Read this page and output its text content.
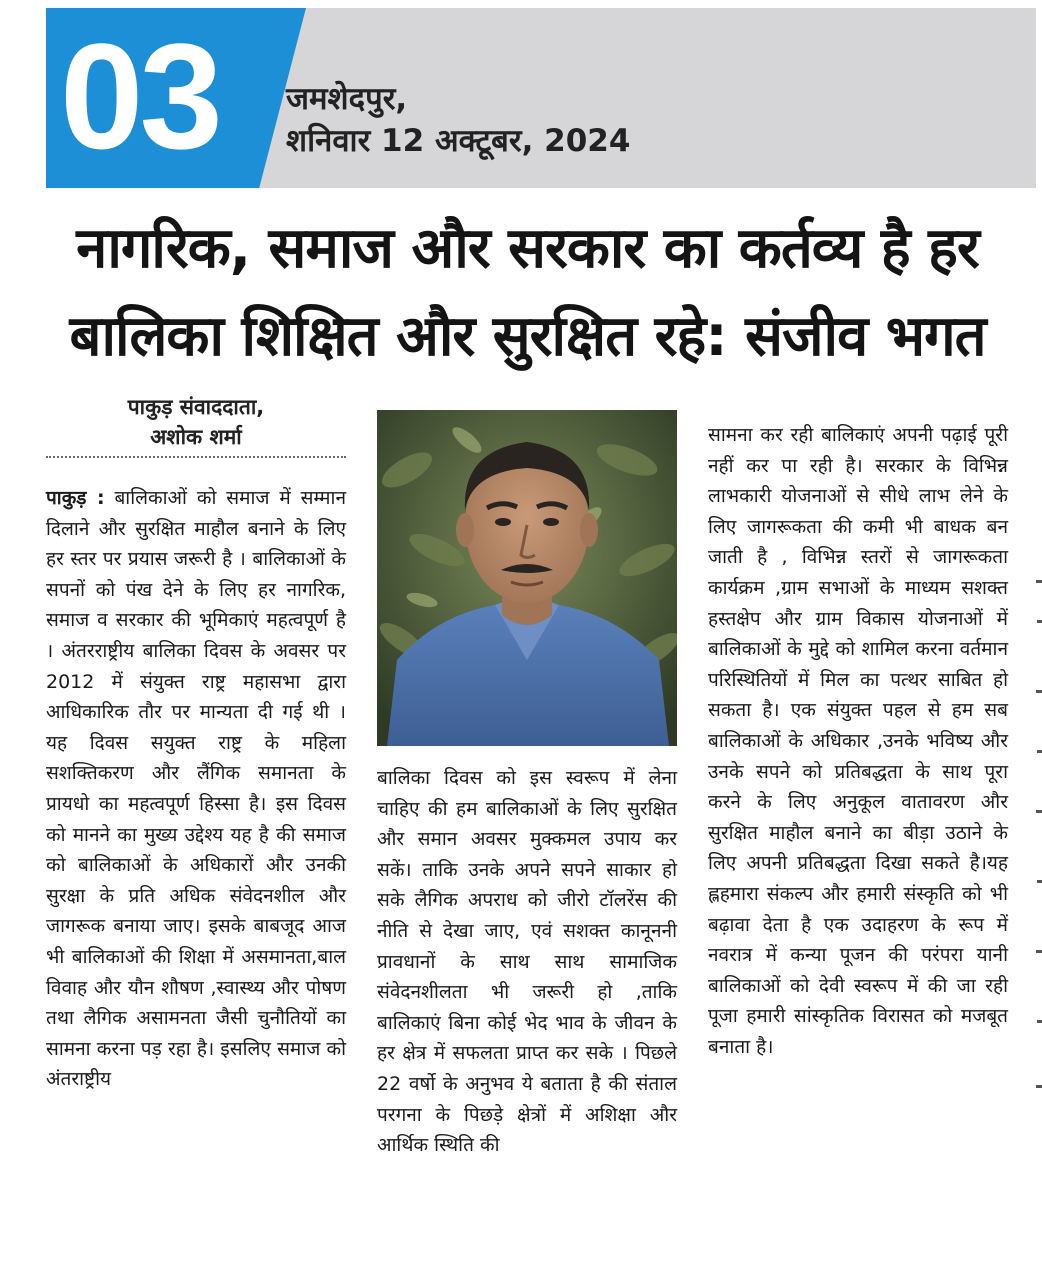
03 जमशेदपुर,
शनिवार 12 अक्टूबर, 2024
नागरिक, समाज और सरकार का कर्तव्य है हर
बालिका शिक्षित और सुरक्षित रहे: संजीव भगत
पाकुड़ संवाददाता,
अशोक शर्मा

पाकुड़ : बालिकाओं को समाज में सम्मान दिलाने और सुरक्षित माहौल बनाने के लिए हर स्तर पर प्रयास जरूरी है । बालिकाओं के सपनों को पंख देने के लिए हर नागरिक, समाज व सरकार की भूमिकाएं महत्वपूर्ण है । अंतरराष्ट्रीय बालिका दिवस के अवसर पर 2012 में संयुक्त राष्ट्र महासभा द्वारा आधिकारिक तौर पर मान्यता दी गई थी । यह दिवस सयुक्त राष्ट्र के महिला सशक्तिकरण और लैंगिक समानता के प्रायधो का महत्वपूर्ण हिस्सा है। इस दिवस को मानने का मुख्य उद्देश्य यह है की समाज को बालिकाओं के अधिकारों और उनकी सुरक्षा के प्रति अधिक संवेदनशील और जागरूक बनाया जाए। इसके बाबजूद आज भी बालिकाओं की शिक्षा में असमानता,बाल विवाह और यौन शौषण ,स्वास्थ्य और पोषण तथा लैगिक असामनता जैसी चुनौतियों का सामना करना पड़ रहा है। इसलिए समाज को अंतराष्ट्रीय

बालिका दिवस को इस स्वरूप में लेना चाहिए की हम बालिकाओं के लिए सुरक्षित और समान अवसर मुक्कमल उपाय कर सकें। ताकि उनके अपने सपने साकार हो सके लैगिक अपराध को जीरो टॉलरेंस की नीति से देखा जाए, एवं सशक्त कानूननी प्रावधानों के साथ साथ सामाजिक संवेदनशीलता भी जरूरी हो ,ताकि बालिकाएं बिना कोई भेद भाव के जीवन के हर क्षेत्र में सफलता प्राप्त कर सके । पिछले 22 वर्षो के अनुभव ये बताता है की संताल परगना के पिछड़े क्षेत्रों में अशिक्षा और आर्थिक स्थिति की

सामना कर रही बालिकाएं अपनी पढ़ाई पूरी नहीं कर पा रही है। सरकार के विभिन्न लाभकारी योजनाओं से सीधे लाभ लेने के लिए जागरूकता की कमी भी बाधक बन जाती है , विभिन्न स्तरों से जागरूकता कार्यक्रम ,ग्राम सभाओं के माध्यम सशक्त हस्तक्षेप और ग्राम विकास योजनाओं में बालिकाओं के मुद्दे को शामिल करना वर्तमान परिस्थितियों में मिल का पत्थर साबित हो सकता है। एक संयुक्त पहल से हम सब बालिकाओं के अधिकार ,उनके भविष्य और उनके सपने को प्रतिबद्धता के साथ पूरा करने के लिए अनुकूल वातावरण और सुरक्षित माहौल बनाने का बीड़ा उठाने के लिए अपनी प्रतिबद्धता दिखा सकते है।यह ह्लहमारा संकल्प और हमारी संस्कृति को भी बढ़ावा देता है एक उदाहरण के रूप में नवरात्र में कन्या पूजन की परंपरा यानी बालिकाओं को देवी स्वरूप में की जा रही पूजा हमारी सांस्कृतिक विरासत को मजबूत बनाता है।
